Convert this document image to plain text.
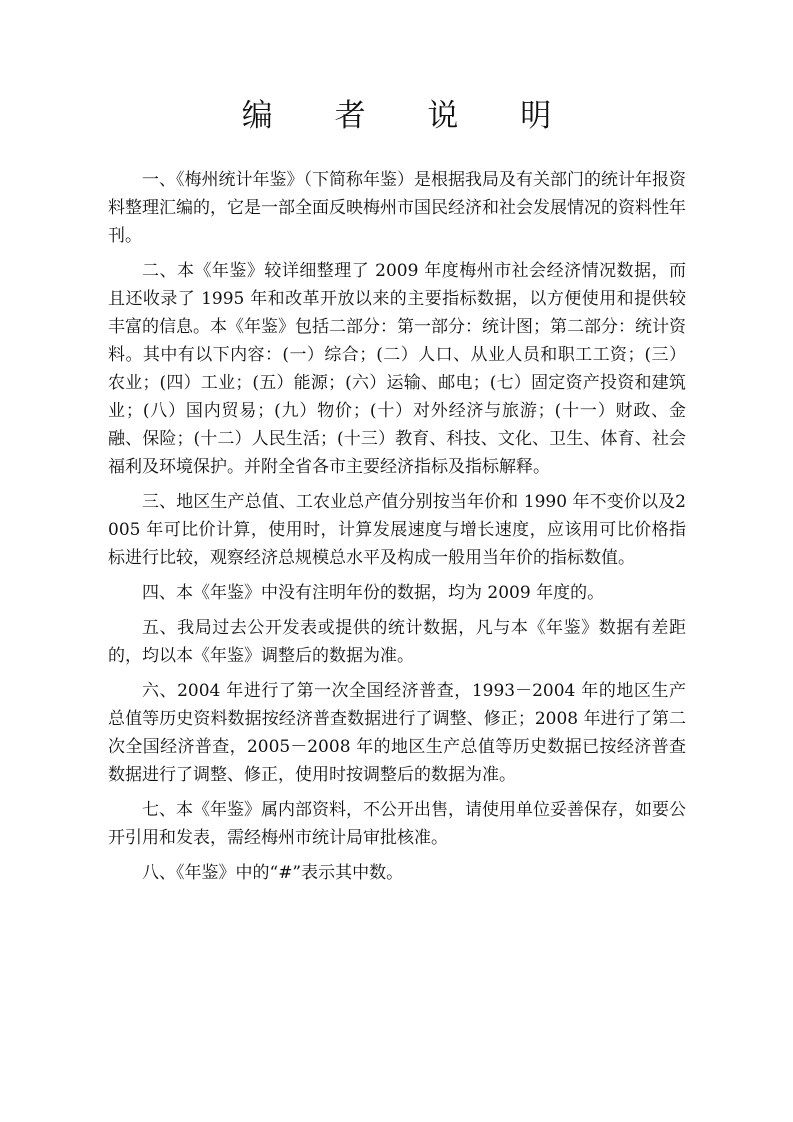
编 者 说 明

一、《梅州统计年鉴》（下简称年鉴）是根据我局及有关部门的统计年报资料整理汇编的，它是一部全面反映梅州市国民经济和社会发展情况的资料性年刊。

二、本《年鉴》较详细整理了 2009 年度梅州市社会经济情况数据，而且还收录了 1995 年和改革开放以来的主要指标数据，以方便使用和提供较丰富的信息。本《年鉴》包括二部分：第一部分：统计图；第二部分：统计资料。其中有以下内容：(一）综合；(二）人口、从业人员和职工工资；(三）农业；(四）工业；(五）能源；(六）运输、邮电；(七）固定资产投资和建筑业；(八）国内贸易；(九）物价；(十）对外经济与旅游；(十一）财政、金融、保险；(十二）人民生活；(十三）教育、科技、文化、卫生、体育、社会福利及环境保护。并附全省各市主要经济指标及指标解释。

三、地区生产总值、工农业总产值分别按当年价和 1990 年不变价以及2005 年可比价计算，使用时，计算发展速度与增长速度，应该用可比价格指标进行比较，观察经济总规模总水平及构成一般用当年价的指标数值。

四、本《年鉴》中没有注明年份的数据，均为 2009 年度的。

五、我局过去公开发表或提供的统计数据，凡与本《年鉴》数据有差距的，均以本《年鉴》调整后的数据为准。

六、2004 年进行了第一次全国经济普查，1993－2004 年的地区生产总值等历史资料数据按经济普查数据进行了调整、修正；2008 年进行了第二次全国经济普查，2005－2008 年的地区生产总值等历史数据已按经济普查数据进行了调整、修正，使用时按调整后的数据为准。

七、本《年鉴》属内部资料，不公开出售，请使用单位妥善保存，如要公开引用和发表，需经梅州市统计局审批核准。

八、《年鉴》中的“#”表示其中数。
